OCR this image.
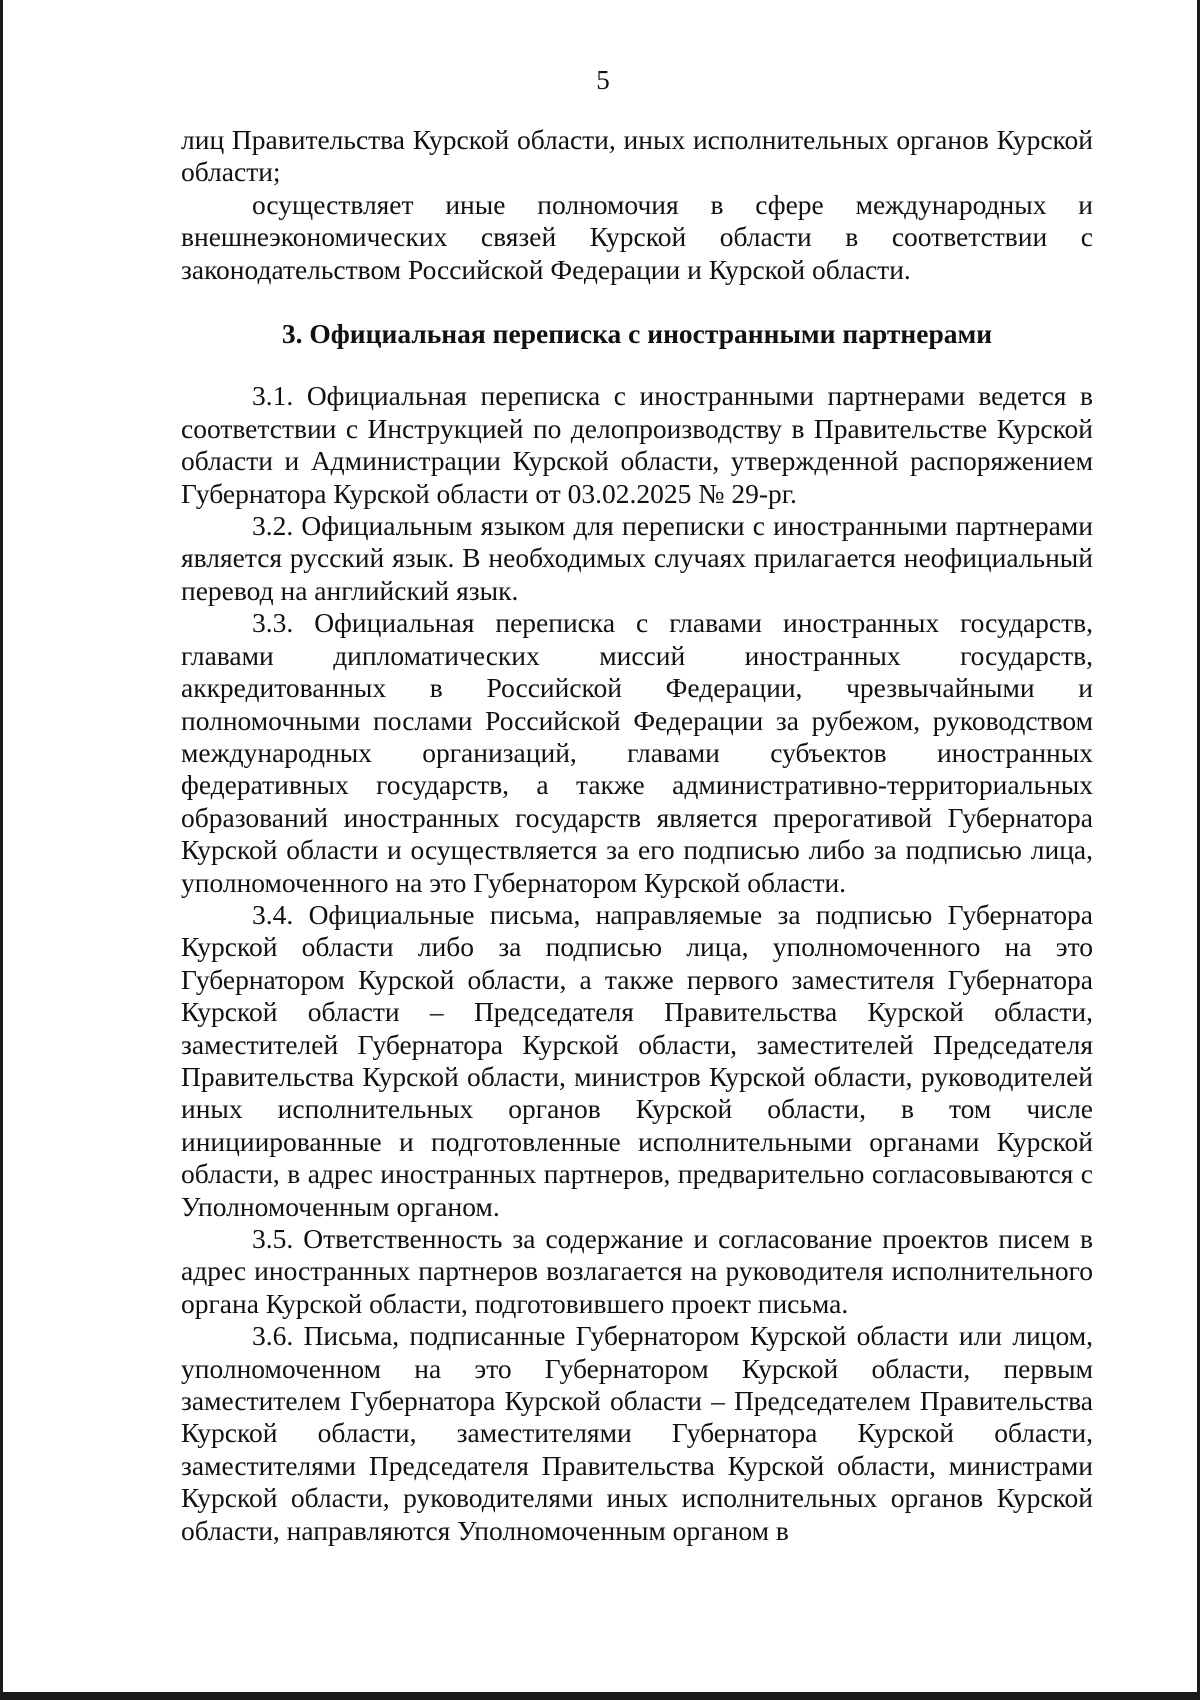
5

лиц Правительства Курской области, иных исполнительных органов Курской области;

осуществляет иные полномочия в сфере международных и внешнеэкономических связей Курской области в соответствии с законодательством Российской Федерации и Курской области.

3. Официальная переписка с иностранными партнерами

3.1. Официальная переписка с иностранными партнерами ведется в соответствии с Инструкцией по делопроизводству в Правительстве Курской области и Администрации Курской области, утвержденной распоряжением Губернатора Курской области от 03.02.2025 № 29-рг.

3.2. Официальным языком для переписки с иностранными партнерами является русский язык. В необходимых случаях прилагается неофициальный перевод на английский язык.

3.3. Официальная переписка с главами иностранных государств, главами дипломатических миссий иностранных государств, аккредитованных в Российской Федерации, чрезвычайными и полномочными послами Российской Федерации за рубежом, руководством международных организаций, главами субъектов иностранных федеративных государств, а также административно-территориальных образований иностранных государств является прерогативой Губернатора Курской области и осуществляется за его подписью либо за подписью лица, уполномоченного на это Губернатором Курской области.

3.4. Официальные письма, направляемые за подписью Губернатора Курской области либо за подписью лица, уполномоченного на это Губернатором Курской области, а также первого заместителя Губернатора Курской области – Председателя Правительства Курской области, заместителей Губернатора Курской области, заместителей Председателя Правительства Курской области, министров Курской области, руководителей иных исполнительных органов Курской области, в том числе инициированные и подготовленные исполнительными органами Курской области, в адрес иностранных партнеров, предварительно согласовываются с Уполномоченным органом.

3.5. Ответственность за содержание и согласование проектов писем в адрес иностранных партнеров возлагается на руководителя исполнительного органа Курской области, подготовившего проект письма.

3.6. Письма, подписанные Губернатором Курской области или лицом, уполномоченном на это Губернатором Курской области, первым заместителем Губернатора Курской области – Председателем Правительства Курской области, заместителями Губернатора Курской области, заместителями Председателя Правительства Курской области, министрами Курской области, руководителями иных исполнительных органов Курской области, направляются Уполномоченным органом в
